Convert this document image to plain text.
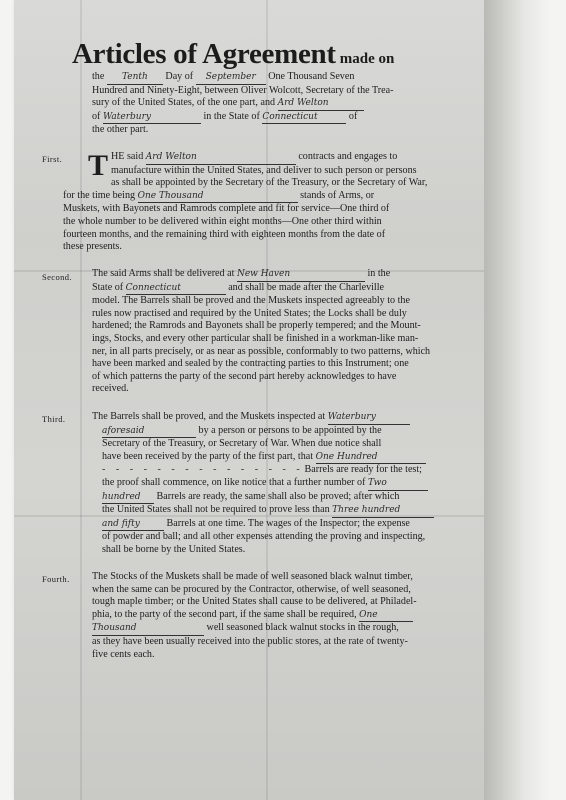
Articles of Agreement made on
the Tenth Day of September One Thousand Seven
Hundred and Ninety-Eight, between Oliver Wolcott, Secretary of the Trea-
sury of the United States, of the one part, and Ard Welton
of Waterbury	in the State of Connecticut	of
the other part.
First. T HE said Ard Welton	contracts and engages to
manufacture within the United States, and deliver to such person or persons
as shall be appointed by the Secretary of the Treasury, or the Secretary of War,
for the time being One Thousand	stands of Arms, or
Muskets, with Bayonets and Ramrods complete and fit for service—One third of
the whole number to be delivered within eight months—One other third within
fourteen months, and the remaining third with eighteen months from the date of
these presents.
Second. The said Arms shall be delivered at New Haven	in the
State of Connecticut	and shall be made after the Charleville
model. The Barrels shall be proved and the Muskets inspected agreeably to the
rules now practised and required by the United States; the Locks shall be duly
hardened; the Ramrods and Bayonets shall be properly tempered; and the Mount-
ings, Stocks, and every other particular shall be finished in a workman-like man-
ner, in all parts precisely, or as near as possible, conformably to two patterns, which
have been marked and sealed by the contracting parties to this Instrument; one
of which patterns the party of the second part hereby acknowledges to have
received.
Third.	The Barrels shall be proved, and the Muskets inspected at Waterbury
aforesaid	by a person or persons to be appointed by the
Secretary of the Treasury, or Secretary of War. When due notice shall
have been received by the party of the first part, that One Hundred
- - - - - - - - - - - - - - - Barrels are ready for the test;
the proof shall commence, on like notice that a further number of Two
hundred Barrels are ready, the same shall also be proved; after which
the United States shall not be required to prove less than Three hundred
and fifty	Barrels at one time. The wages of the Inspector; the expense
of powder and ball; and all other expenses attending the proving and inspecting,
shall be borne by the United States.
Fourth. The Stocks of the Muskets shall be made of well seasoned black walnut timber,
when the same can be procured by the Contractor, otherwise, of well seasoned,
tough maple timber; or the United States shall cause to be delivered, at Philadel-
phia, to the party of the second part, if the same shall be required, One
Thousand	well seasoned black walnut stocks in the rough,
as they have been usually received into the public stores, at the rate of twenty-
five cents each.
